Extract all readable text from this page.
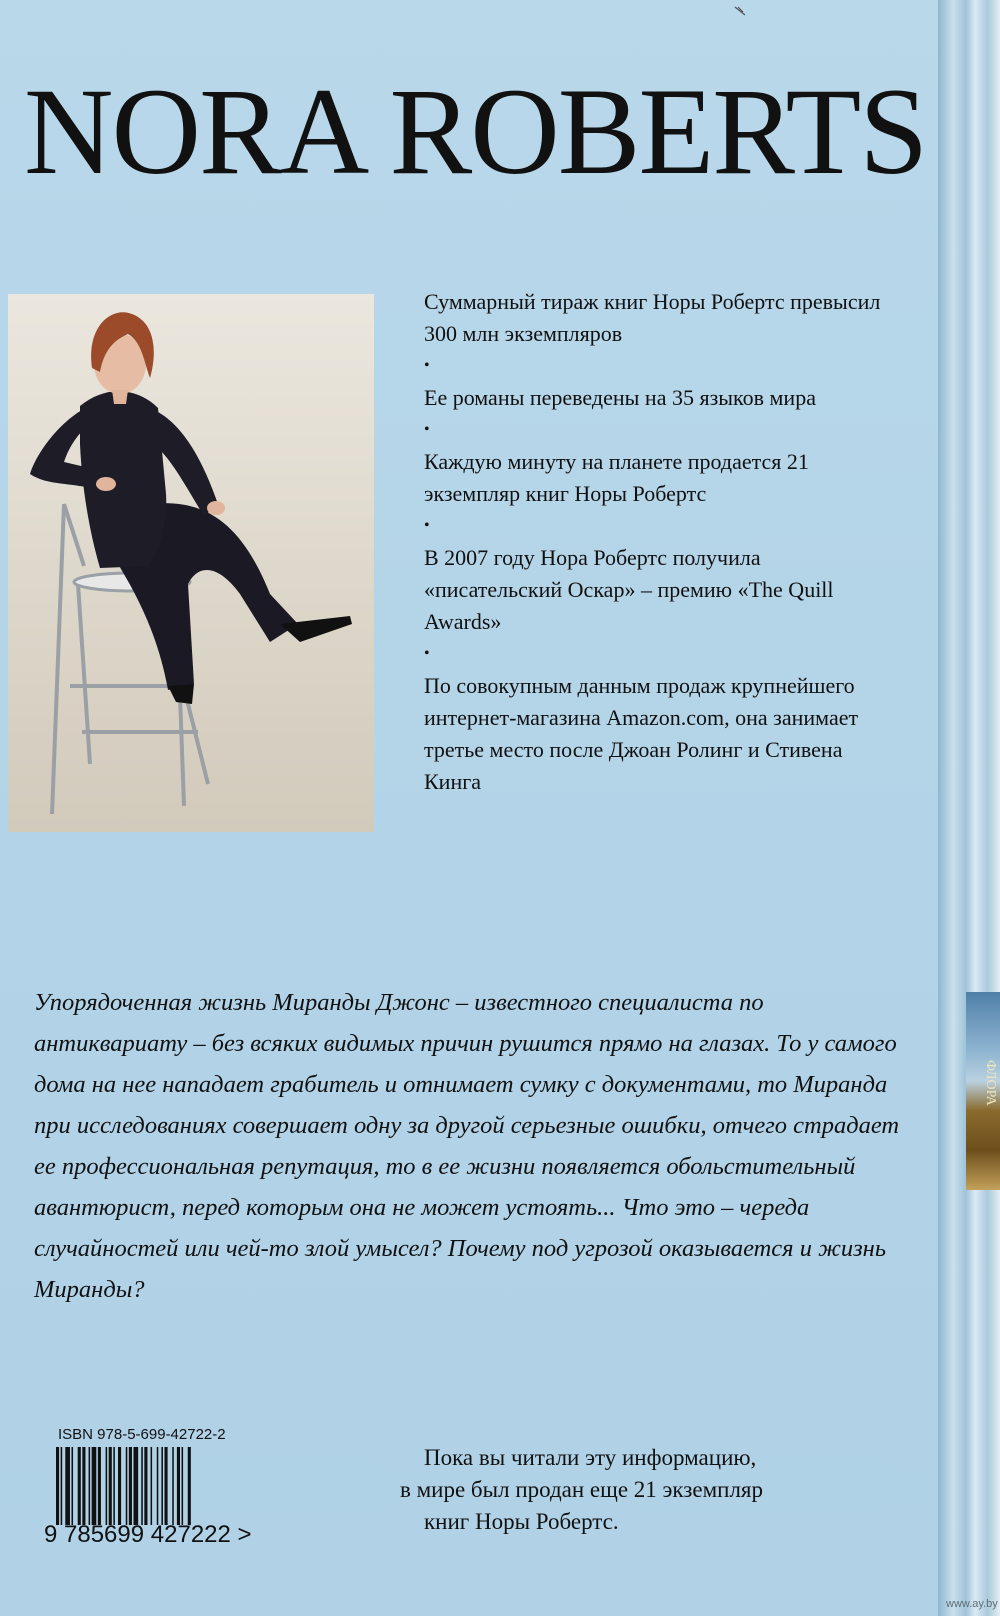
ФЛОРА
NORA ROBERTS

Суммарный тираж книг Норы Робертс превысил 300 млн экземпляров

•

Ее романы переведены на 35 языков мира

•

Каждую минуту на планете продается 21 экземпляр книг Норы Робертс

•

В 2007 году Нора Робертс получила «писательский Оскар» – премию «The Quill Awards»

•

По совокупным данным продаж крупнейшего интернет-магазина Amazon.com, она занимает третье место после Джоан Ролинг и Стивена Кинга

Упорядоченная жизнь Миранды Джонс – известного специалиста по антиквариату – без всяких видимых причин рушится прямо на глазах. То у самого дома на нее нападает грабитель и отнимает сумку с документами, то Миранда при исследованиях совершает одну за другой серьезные ошибки, отчего страдает ее профессиональная репутация, то в ее жизни появляется обольстительный авантюрист, перед которым она не может устоять... Что это – череда случайностей или чей-то злой умысел? Почему под угрозой оказывается и жизнь Миранды?
ISBN 978-5-699-42722-2
9 785699 427222 >
Пока вы читали эту информацию,
в мире был продан еще 21 экземпляр
книг Норы Робертс.
www.ay.by
